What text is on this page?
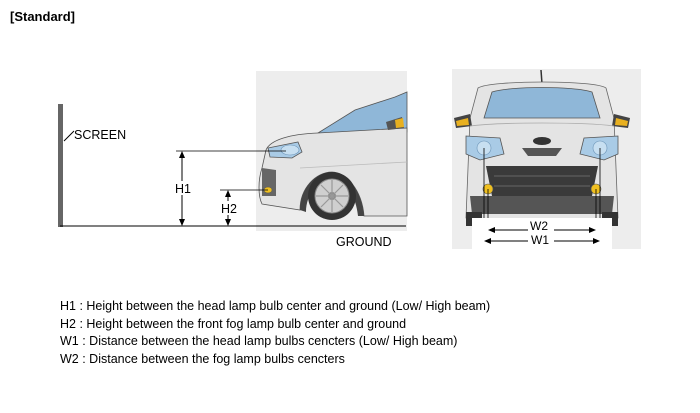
[Standard]
SCREEN
GROUND
H1
H2
W2
W1
H1 : Height between the head lamp bulb center and ground (Low/ High beam)
H2 : Height between the front fog lamp bulb center and ground
W1 : Distance between the head lamp bulbs cencters (Low/ High beam)
W2 : Distance between the fog lamp bulbs cencters
